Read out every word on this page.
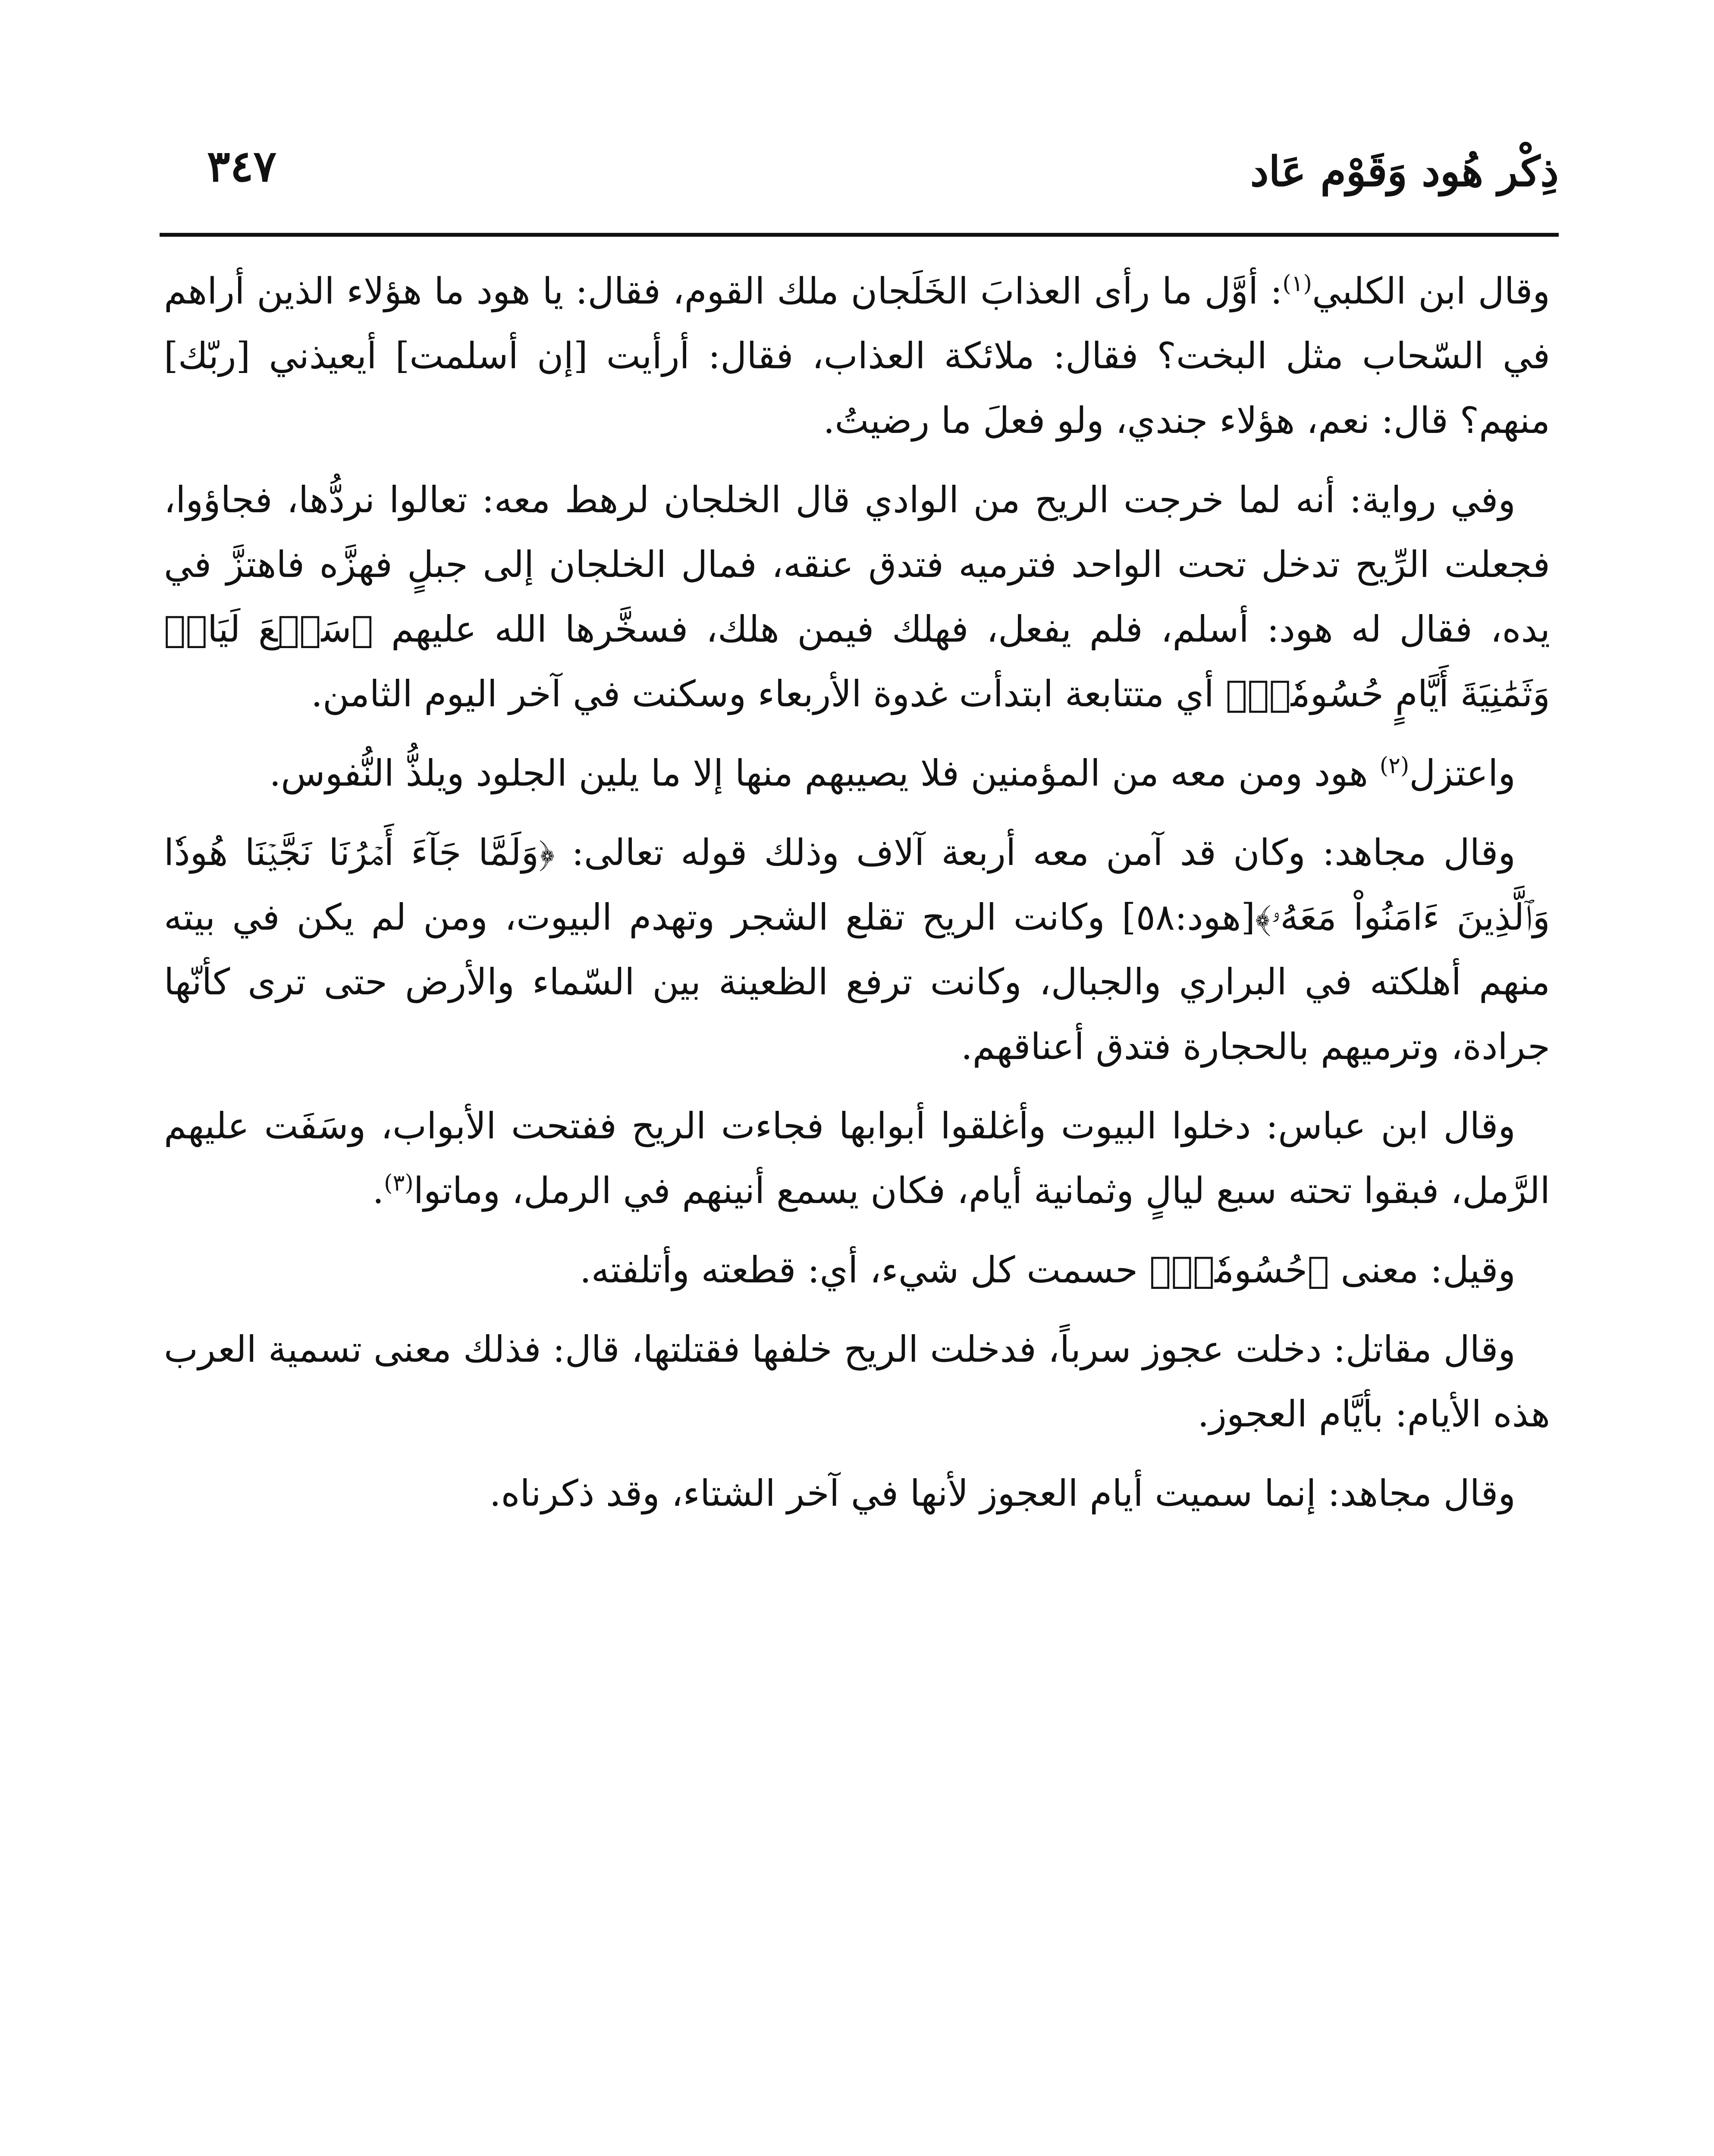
ذِكْر هُود وَقَوْم عَاد
٣٤٧

وقال ابن الكلبي$^{(١)}$: أوَّل ما رأى العذابَ الخَلَجان ملك القوم، فقال: يا هود ما هؤلاء الذين أراهم في السّحاب مثل البخت؟ فقال: ملائكة العذاب، فقال: أرأيت [إن أسلمت] أيعيذني [ربّك] منهم؟ قال: نعم، هؤلاء جندي، ولو فعلَ ما رضيتُ.

وفي رواية: أنه لما خرجت الريح من الوادي قال الخلجان لرهط معه: تعالوا نردُّها، فجاؤوا، فجعلت الرِّيح تدخل تحت الواحد فترميه فتدق عنقه، فمال الخلجان إلى جبلٍ فهزَّه فاهتزَّ في يده، فقال له هود: أسلم، فلم يفعل، فهلك فيمن هلك، فسخَّرها الله عليهم ﴿سَبۡعَ لَيَالٖ وَثَمَٰنِيَةَ أَيَّامٍ حُسُومٗاۖ﴾ أي متتابعة ابتدأت غدوة الأربعاء وسكنت في آخر اليوم الثامن.

واعتزل$^{(٢)}$ هود ومن معه من المؤمنين فلا يصيبهم منها إلا ما يلين الجلود ويلذُّ النُّفوس.

وقال مجاهد: وكان قد آمن معه أربعة آلاف وذلك قوله تعالى: ﴿وَلَمَّا جَآءَ أَمۡرُنَا نَجَّيۡنَا هُودٗا وَٱلَّذِينَ ءَامَنُواْ مَعَهُۥ﴾[هود:٥٨] وكانت الريح تقلع الشجر وتهدم البيوت، ومن لم يكن في بيته منهم أهلكته في البراري والجبال، وكانت ترفع الظعينة بين السّماء والأرض حتى ترى كأنّها جرادة، وترميهم بالحجارة فتدق أعناقهم.

وقال ابن عباس: دخلوا البيوت وأغلقوا أبوابها فجاءت الريح ففتحت الأبواب، وسَفَت عليهم الرَّمل، فبقوا تحته سبع ليالٍ وثمانية أيام، فكان يسمع أنينهم في الرمل، وماتوا$^{(٣)}$.

وقيل: معنى ﴿حُسُومٗاۖ﴾ حسمت كل شيء، أي: قطعته وأتلفته.

وقال مقاتل: دخلت عجوز سرباً، فدخلت الريح خلفها فقتلتها، قال: فذلك معنى تسمية العرب هذه الأيام: بأيَّام العجوز.

وقال مجاهد: إنما سميت أيام العجوز لأنها في آخر الشتاء، وقد ذكرناه.
